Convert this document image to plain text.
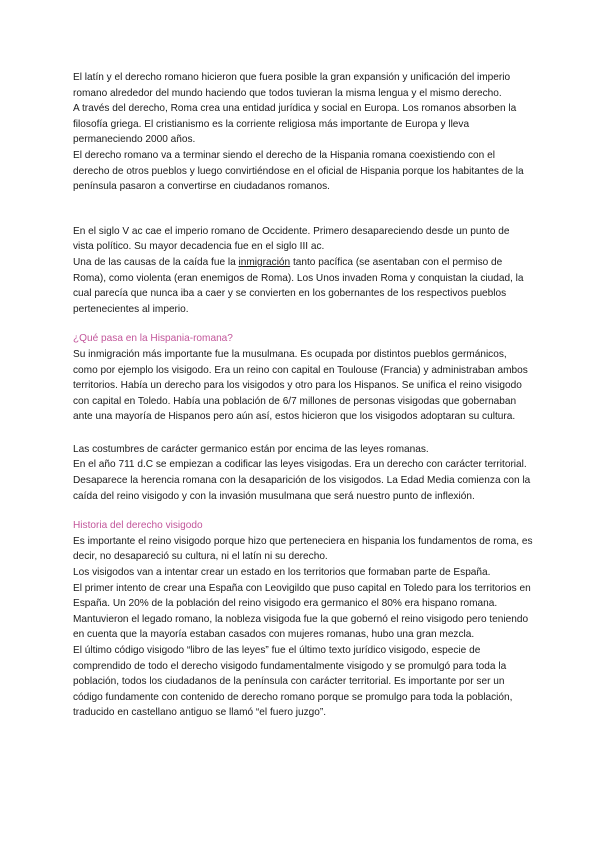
El latín y el derecho romano hicieron que fuera posible la gran expansión y unificación del imperio romano alrededor del mundo haciendo que todos tuvieran la misma lengua y el mismo derecho.

A través del derecho, Roma crea una entidad jurídica y social en Europa. Los romanos absorben la filosofía griega. El cristianismo es la corriente religiosa más importante de Europa y lleva permaneciendo 2000 años.

El derecho romano va a terminar siendo el derecho de la Hispania romana coexistiendo con el derecho de otros pueblos y luego convirtiéndose en el oficial de Hispania porque los habitantes de la península pasaron a convertirse en ciudadanos romanos.

En el siglo V ac cae el imperio romano de Occidente. Primero desapareciendo desde un punto de vista político. Su mayor decadencia fue en el siglo III ac.

Una de las causas de la caída fue la inmigración tanto pacífica (se asentaban con el permiso de Roma), como violenta (eran enemigos de Roma). Los Unos invaden Roma y conquistan la ciudad, la cual parecía que nunca iba a caer y se convierten en los gobernantes de los respectivos pueblos pertenecientes al imperio.

¿Qué pasa en la Hispania-romana?

Su inmigración más importante fue la musulmana. Es ocupada por distintos pueblos germánicos, como por ejemplo los visigodo. Era un reino con capital en Toulouse (Francia) y administraban ambos territorios. Había un derecho para los visigodos y otro para los Hispanos. Se unifica el reino visigodo con capital en Toledo. Había una población de 6/7 millones de personas visigodas que gobernaban ante una mayoría de Hispanos pero aún así, estos hicieron que los visigodos adoptaran su cultura.

Las costumbres de carácter germanico están por encima de las leyes romanas.

En el año 711 d.C se empiezan a codificar las leyes visigodas. Era un derecho con carácter territorial.

Desaparece la herencia romana con la desaparición de los visigodos. La Edad Media comienza con la caída del reino visigodo y con la invasión musulmana que será nuestro punto de inflexión.

Historia del derecho visigodo

Es importante el reino visigodo porque hizo que perteneciera en hispania los fundamentos de roma, es decir, no desapareció su cultura, ni el latín ni su derecho.

Los visigodos van a intentar crear un estado en los territorios que formaban parte de España.

El primer intento de crear una España con Leovigildo que puso capital en Toledo para los territorios en España. Un 20% de la población del reino visigodo era germanico el 80% era hispano romana. Mantuvieron el legado romano, la nobleza visigoda fue la que gobernó el reino visigodo pero teniendo en cuenta que la mayoría estaban casados con mujeres romanas, hubo una gran mezcla.

El último código visigodo “libro de las leyes” fue el último texto jurídico visigodo, especie de comprendido de todo el derecho visigodo fundamentalmente visigodo y se promulgó para toda la población, todos los ciudadanos de la península con carácter territorial. Es importante por ser un código fundamente con contenido de derecho romano porque se promulgo para toda la población, traducido en castellano antiguo se llamó “el fuero juzgo”.
